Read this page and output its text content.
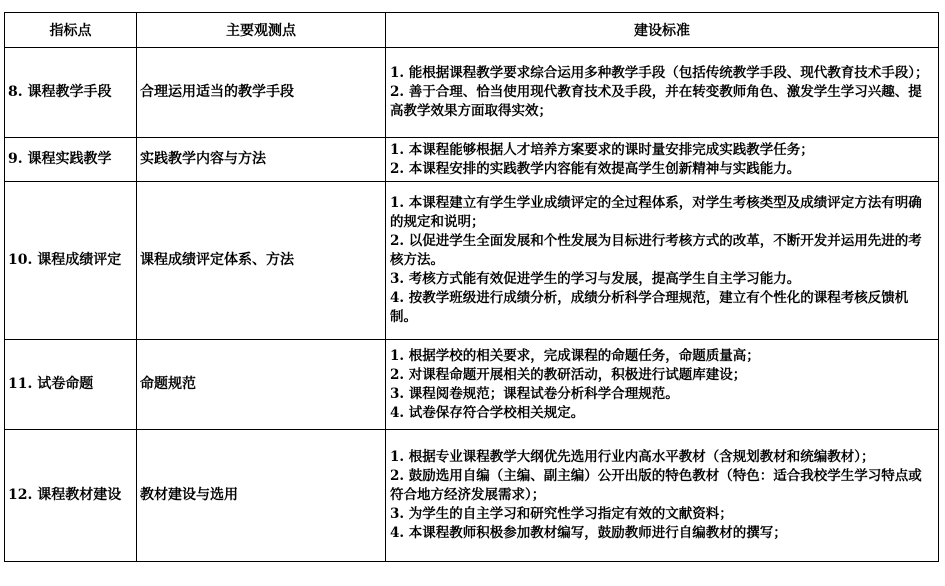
指标点	主要观测点	建设标准
8. 课程教学手段	合理运用适当的教学手段	1. 能根据课程教学要求综合运用多种教学手段（包括传统教学手段、现代教育技术手段）；
2. 善于合理、恰当使用现代教育技术及手段，并在转变教师角色、激发学生学习兴趣、提高教学效果方面取得实效；

9. 课程实践教学	实践教学内容与方法	1. 本课程能够根据人才培养方案要求的课时量安排完成实践教学任务；
2. 本课程安排的实践教学内容能有效提高学生创新精神与实践能力。

10. 课程成绩评定	课程成绩评定体系、方法	1. 本课程建立有学生学业成绩评定的全过程体系，对学生考核类型及成绩评定方法有明确的规定和说明；
2. 以促进学生全面发展和个性发展为目标进行考核方式的改革，不断开发并运用先进的考核方法。
3. 考核方式能有效促进学生的学习与发展，提高学生自主学习能力。
4. 按教学班级进行成绩分析，成绩分析科学合理规范，建立有个性化的课程考核反馈机制。

11. 试卷命题	命题规范	1. 根据学校的相关要求，完成课程的命题任务，命题质量高；
2. 对课程命题开展相关的教研活动，积极进行试题库建设；
3. 课程阅卷规范；课程试卷分析科学合理规范。
4. 试卷保存符合学校相关规定。

12. 课程教材建设	教材建设与选用	1. 根据专业课程教学大纲优先选用行业内高水平教材（含规划教材和统编教材）；
2. 鼓励选用自编（主编、副主编）公开出版的特色教材（特色：适合我校学生学习特点或符合地方经济发展需求）；
3. 为学生的自主学习和研究性学习指定有效的文献资料；
4. 本课程教师积极参加教材编写，鼓励教师进行自编教材的撰写；
